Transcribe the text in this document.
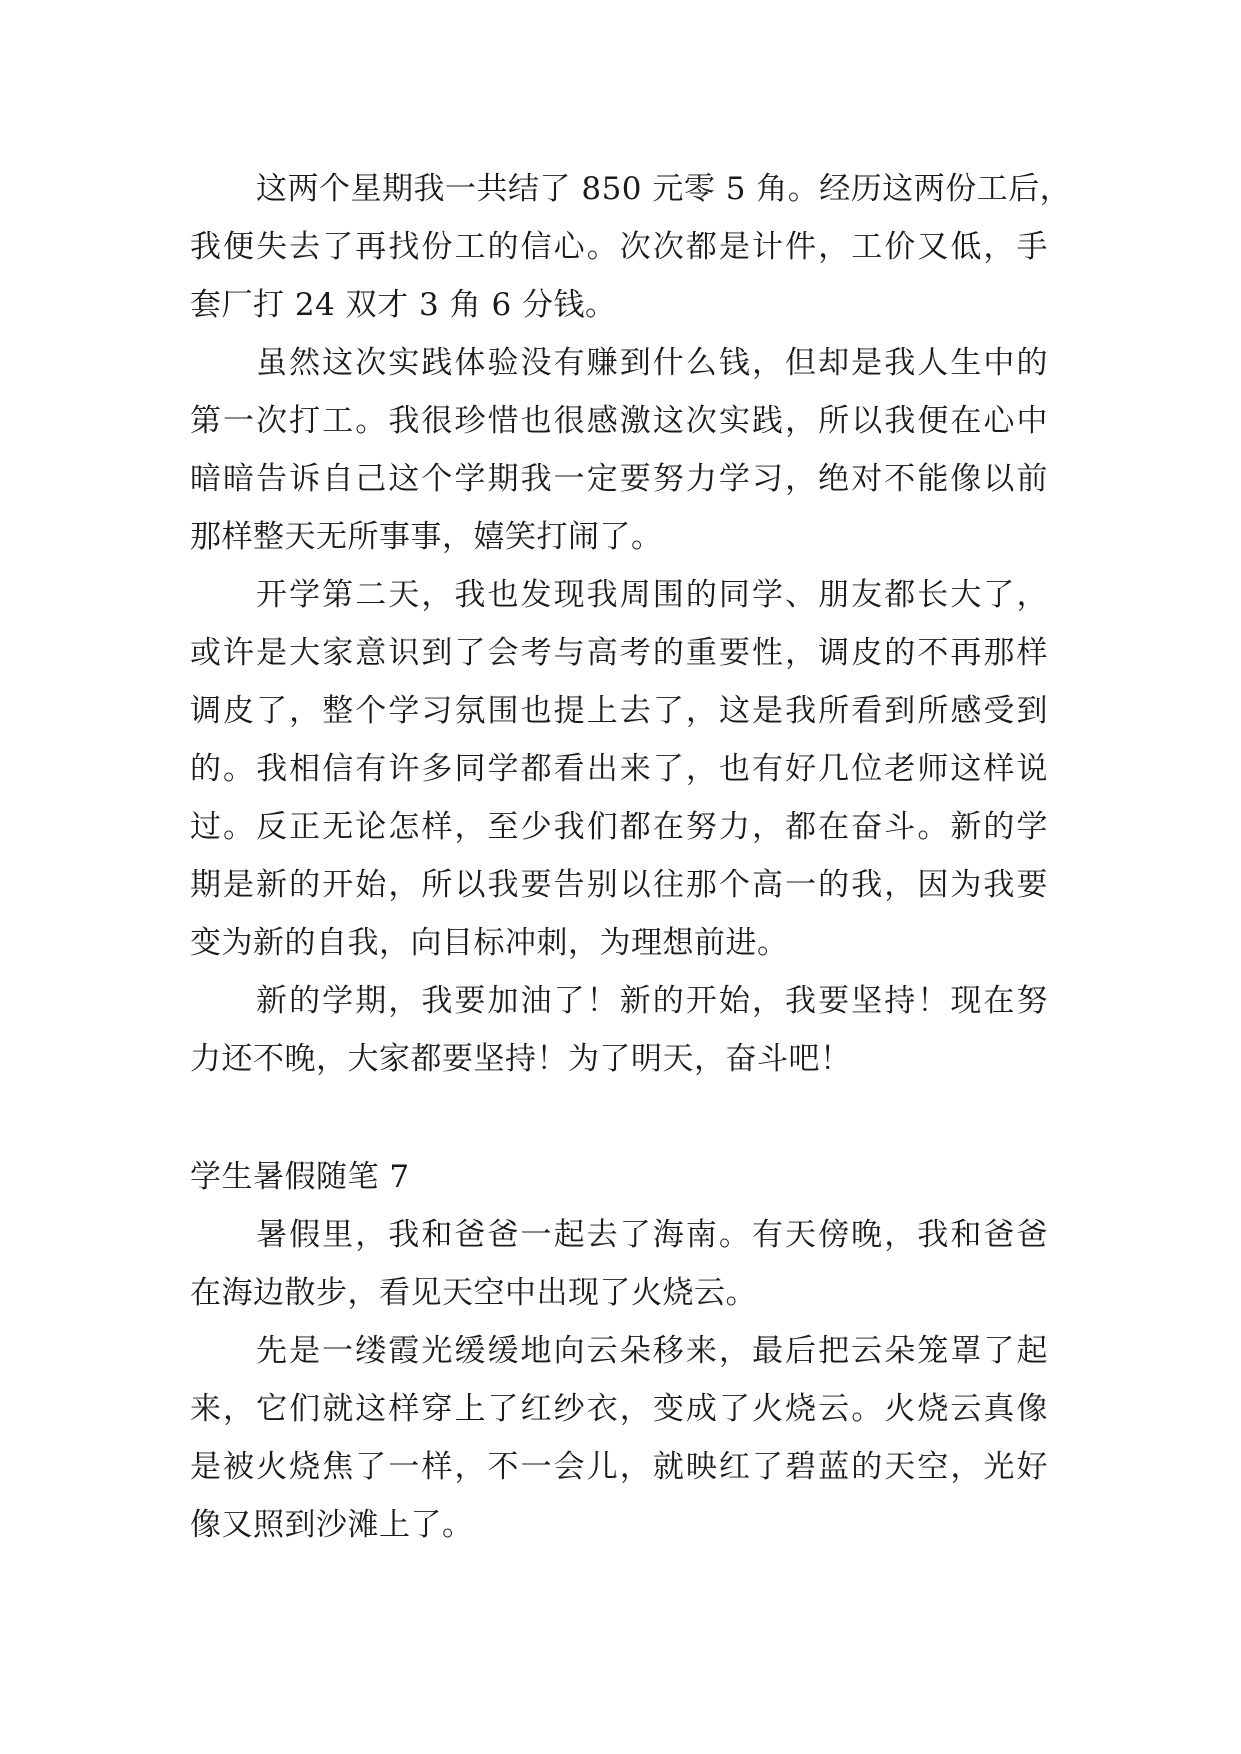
这两个星期我一共结了 850 元零 5 角。经历这两份工后，
我便失去了再找份工的信心。次次都是计件，工价又低，手
套厂打 24 双才 3 角 6 分钱。
虽然这次实践体验没有赚到什么钱，但却是我人生中的
第一次打工。我很珍惜也很感激这次实践，所以我便在心中
暗暗告诉自己这个学期我一定要努力学习，绝对不能像以前
那样整天无所事事，嬉笑打闹了。
开学第二天，我也发现我周围的同学、朋友都长大了，
或许是大家意识到了会考与高考的重要性，调皮的不再那样
调皮了，整个学习氛围也提上去了，这是我所看到所感受到
的。我相信有许多同学都看出来了，也有好几位老师这样说
过。反正无论怎样，至少我们都在努力，都在奋斗。新的学
期是新的开始，所以我要告别以往那个高一的我，因为我要
变为新的自我，向目标冲刺，为理想前进。
新的学期，我要加油了！新的开始，我要坚持！现在努
力还不晚，大家都要坚持！为了明天，奋斗吧！
学生暑假随笔 7
暑假里，我和爸爸一起去了海南。有天傍晚，我和爸爸
在海边散步，看见天空中出现了火烧云。
先是一缕霞光缓缓地向云朵移来，最后把云朵笼罩了起
来，它们就这样穿上了红纱衣，变成了火烧云。火烧云真像
是被火烧焦了一样，不一会儿，就映红了碧蓝的天空，光好
像又照到沙滩上了。
